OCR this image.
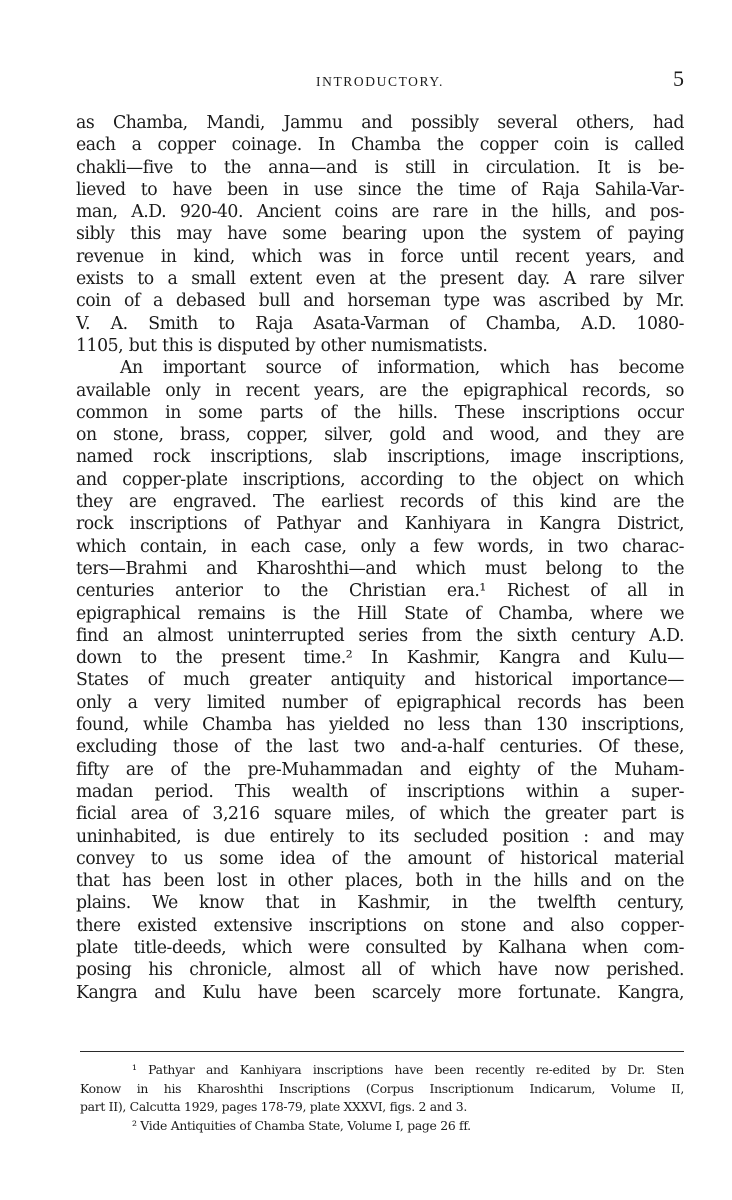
INTRODUCTORY.	5
as Chamba, Mandi, Jammu and possibly several others, had
each a copper coinage. In Chamba the copper coin is called
chakli—five to the anna—and is still in circulation. It is be-
lieved to have been in use since the time of Raja Sahila-Var-
man, A.D. 920-40. Ancient coins are rare in the hills, and pos-
sibly this may have some bearing upon the system of paying
revenue in kind, which was in force until recent years, and
exists to a small extent even at the present day. A rare silver
coin of a debased bull and horseman type was ascribed by Mr.
V. A. Smith to Raja Asata-Varman of Chamba, A.D. 1080-
1105, but this is disputed by other numismatists.
An important source of information, which has become
available only in recent years, are the epigraphical records, so
common in some parts of the hills. These inscriptions occur
on stone, brass, copper, silver, gold and wood, and they are
named rock inscriptions, slab inscriptions, image inscriptions,
and copper-plate inscriptions, according to the object on which
they are engraved. The earliest records of this kind are the
rock inscriptions of Pathyar and Kanhiyara in Kangra District,
which contain, in each case, only a few words, in two charac-
ters—Brahmi and Kharoshthi—and which must belong to the
centuries anterior to the Christian era.¹ Richest of all in
epigraphical remains is the Hill State of Chamba, where we
find an almost uninterrupted series from the sixth century A.D.
down to the present time.² In Kashmir, Kangra and Kulu—
States of much greater antiquity and historical importance—
only a very limited number of epigraphical records has been
found, while Chamba has yielded no less than 130 inscriptions,
excluding those of the last two and-a-half centuries. Of these,
fifty are of the pre-Muhammadan and eighty of the Muham-
madan period. This wealth of inscriptions within a super-
ficial area of 3,216 square miles, of which the greater part is
uninhabited, is due entirely to its secluded position : and may
convey to us some idea of the amount of historical material
that has been lost in other places, both in the hills and on the
plains. We know that in Kashmir, in the twelfth century,
there existed extensive inscriptions on stone and also copper-
plate title-deeds, which were consulted by Kalhana when com-
posing his chronicle, almost all of which have now perished.
Kangra and Kulu have been scarcely more fortunate. Kangra,
¹ Pathyar and Kanhiyara inscriptions have been recently re-edited by Dr. Sten
Konow in his Kharoshthi Inscriptions (Corpus Inscriptionum Indicarum, Volume II,
part II), Calcutta 1929, pages 178-79, plate XXXVI, figs. 2 and 3.
² Vide Antiquities of Chamba State, Volume I, page 26 ff.
